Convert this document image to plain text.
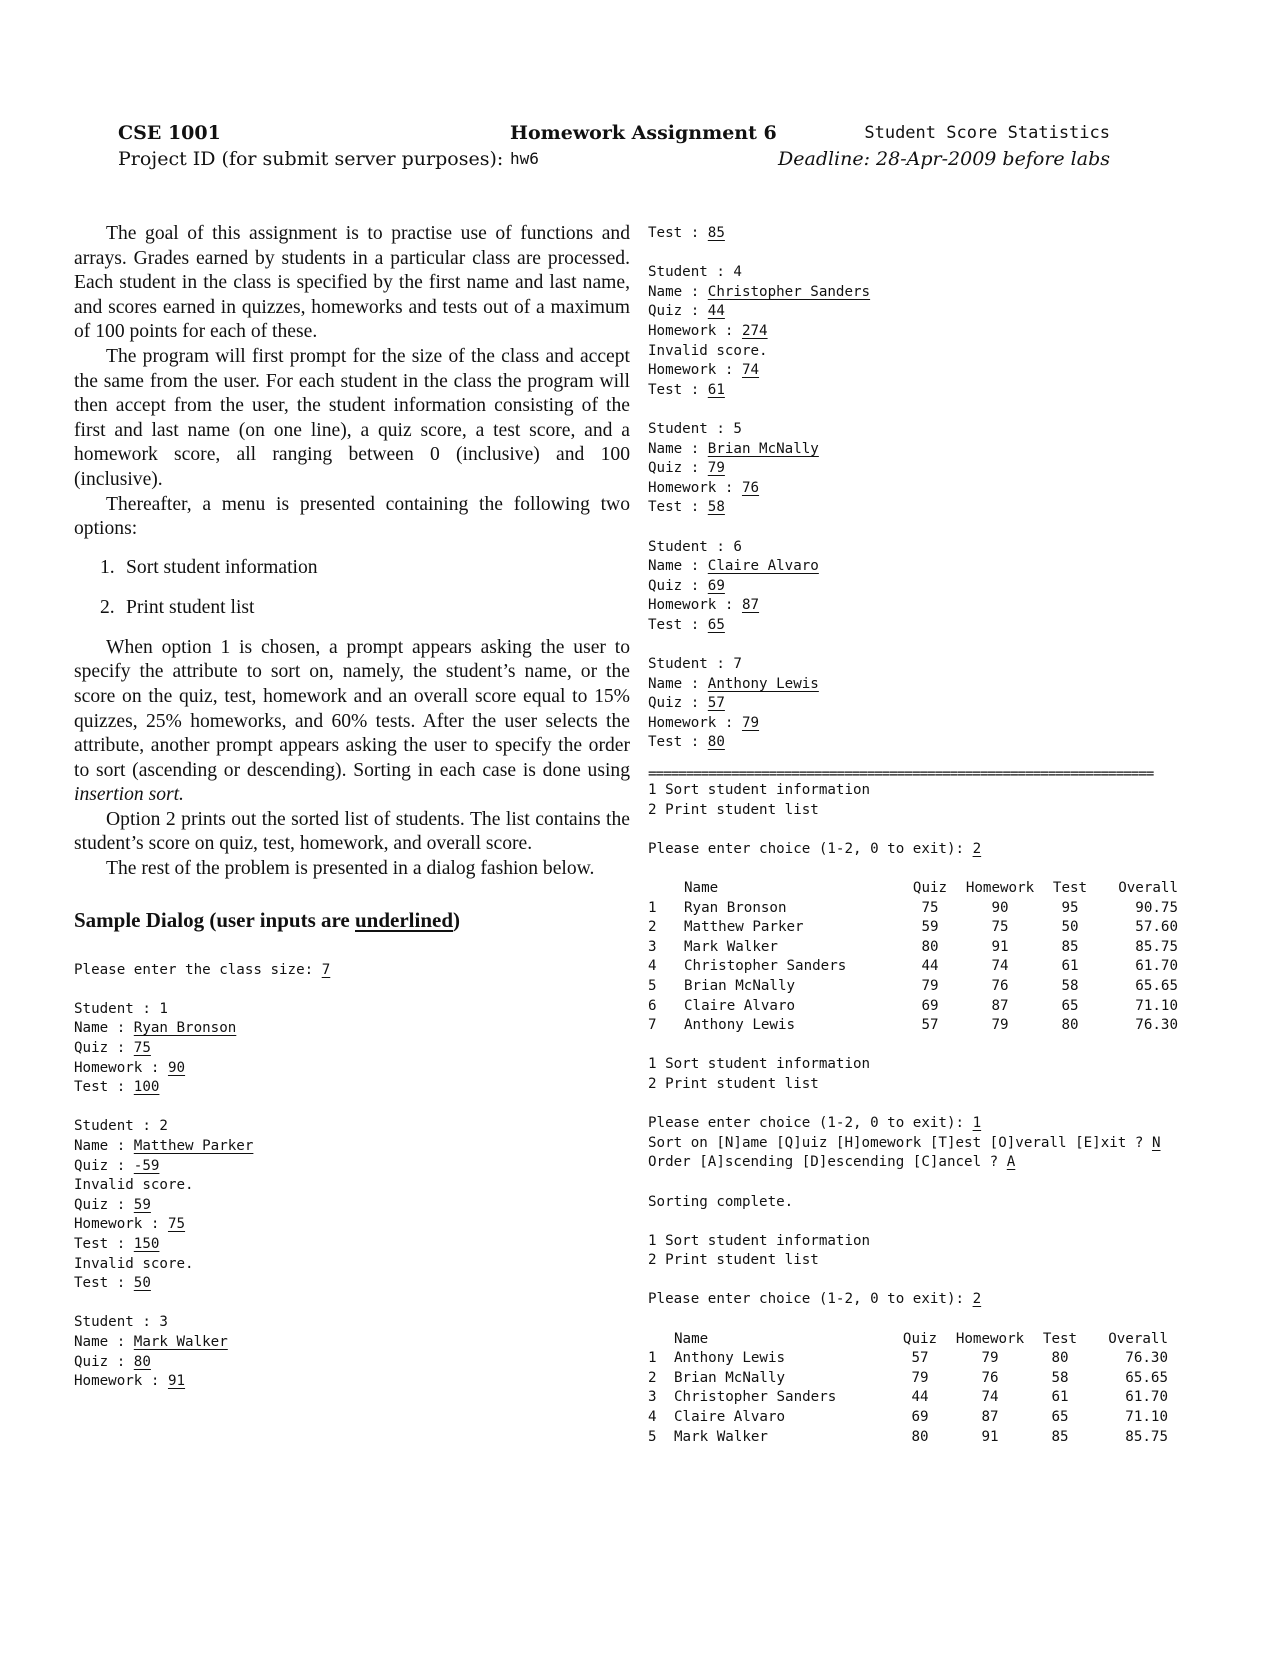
CSE 1001
Project ID (for submit server purposes):
Homework Assignment 6
hw6
Student Score Statistics
Deadline: 28-Apr-2009 before labs

The goal of this assignment is to practise use of functions and arrays. Grades earned by students in a particular class are processed. Each student in the class is specified by the first name and last name, and scores earned in quizzes, homeworks and tests out of a maximum of 100 points for each of these.

The program will first prompt for the size of the class and accept the same from the user. For each student in the class the program will then accept from the user, the student information consisting of the first and last name (on one line), a quiz score, a test score, and a homework score, all ranging between 0 (inclusive) and 100 (inclusive).

Thereafter, a menu is presented containing the following two options:

1. Sort student information
2. Print student list

When option 1 is chosen, a prompt appears asking the user to specify the attribute to sort on, namely, the student’s name, or the score on the quiz, test, homework and an overall score equal to 15% quizzes, 25% homeworks, and 60% tests. After the user selects the attribute, another prompt appears asking the user to specify the order to sort (ascending or descending). Sorting in each case is done using insertion sort.

Option 2 prints out the sorted list of students. The list contains the student’s score on quiz, test, homework, and overall score.

The rest of the problem is presented in a dialog fashion below.

Sample Dialog (user inputs are underlined)
Please enter the class size: 7
Student : 1
Name : Ryan Bronson
Quiz : 75
Homework : 90
Test : 100
Student : 2
Name : Matthew Parker
Quiz : -59
Invalid score.
Quiz : 59
Homework : 75
Test : 150
Invalid score.
Test : 50
Student : 3
Name : Mark Walker
Quiz : 80
Homework : 91
Test : 85
Student : 4
Name : Christopher Sanders
Quiz : 44
Homework : 274
Invalid score.
Homework : 74
Test : 61
Student : 5
Name : Brian McNally
Quiz : 79
Homework : 76
Test : 58
Student : 6
Name : Claire Alvaro
Quiz : 69
Homework : 87
Test : 65
Student : 7
Name : Anthony Lewis
Quiz : 57
Homework : 79
Test : 80
===================================================================
1 Sort student information
2 Print student list
Please enter choice (1-2, 0 to exit): 2
	Name	Quiz	Homework	Test	Overall
1	Ryan Bronson	75	90	95	90.75
2	Matthew Parker	59	75	50	57.60
3	Mark Walker	80	91	85	85.75
4	Christopher Sanders	44	74	61	61.70
5	Brian McNally	79	76	58	65.65
6	Claire Alvaro	69	87	65	71.10
7	Anthony Lewis	57	79	80	76.30
1 Sort student information
2 Print student list
Please enter choice (1-2, 0 to exit): 1
Sort on [N]ame [Q]uiz [H]omework [T]est [O]verall [E]xit ? N
Order [A]scending [D]escending [C]ancel ? A
Sorting complete.
1 Sort student information
2 Print student list
Please enter choice (1-2, 0 to exit): 2
	Name	Quiz	Homework	Test	Overall
1	Anthony Lewis	57	79	80	76.30
2	Brian McNally	79	76	58	65.65
3	Christopher Sanders	44	74	61	61.70
4	Claire Alvaro	69	87	65	71.10
5	Mark Walker	80	91	85	85.75
